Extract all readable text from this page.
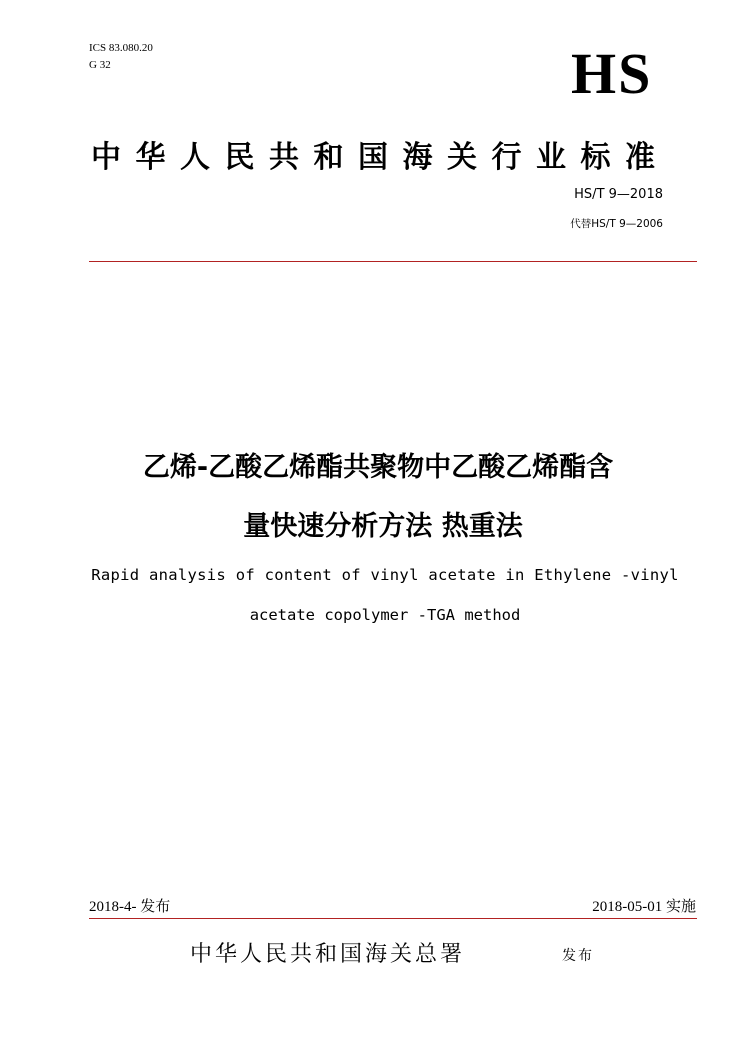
ICS 83.080.20

G 32	HS
中华人民共和国海关行业标准

HS/T 9—2018

代替HS/T 9—2006

乙烯-乙酸乙烯酯共聚物中乙酸乙烯酯含
量快速分析方法 热重法

Rapid analysis of content of vinyl acetate in Ethylene -vinyl

acetate copolymer -TGA method

2018-4- 发布	2018-05-01 实施

中华人民共和国海关总署	发布
